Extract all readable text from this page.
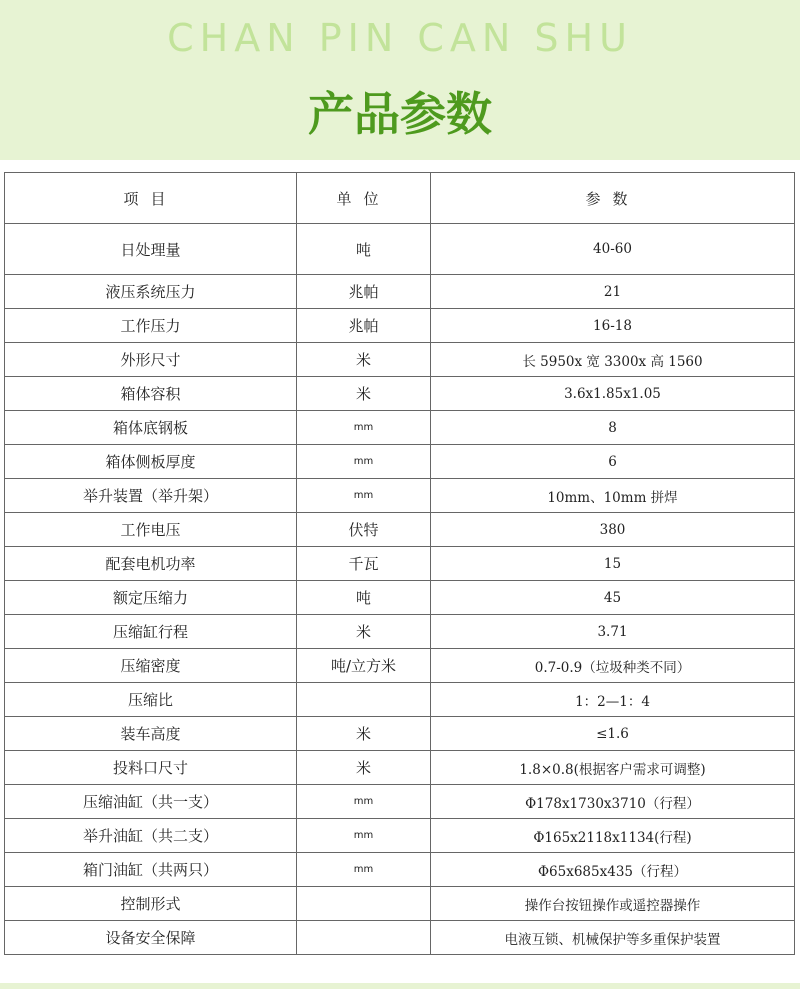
CHAN PIN CAN SHU
产品参数
项目	单位	参数
日处理量	吨	40-60
液压系统压力	兆帕	21
工作压力	兆帕	16-18
外形尺寸	米	长 5950x 宽 3300x 高 1560
箱体容积	米	3.6x1.85x1.05
箱体底钢板	mm	8
箱体侧板厚度	mm	6
举升装置（举升架）	mm	10mm、10mm 拼焊
工作电压	伏特	380
配套电机功率	千瓦	15
额定压缩力	吨	45
压缩缸行程	米	3.71
压缩密度	吨/立方米	0.7-0.9（垃圾种类不同）
压缩比		1：2—1：4
装车高度	米	≤1.6
投料口尺寸	米	1.8×0.8(根据客户需求可调整)
压缩油缸（共一支）	mm	Φ178x1730x3710（行程）
举升油缸（共二支）	mm	Φ165x2118x1134(行程)
箱门油缸（共两只）	mm	Φ65x685x435（行程）
控制形式		操作台按钮操作或遥控器操作
设备安全保障		电液互锁、机械保护等多重保护装置
